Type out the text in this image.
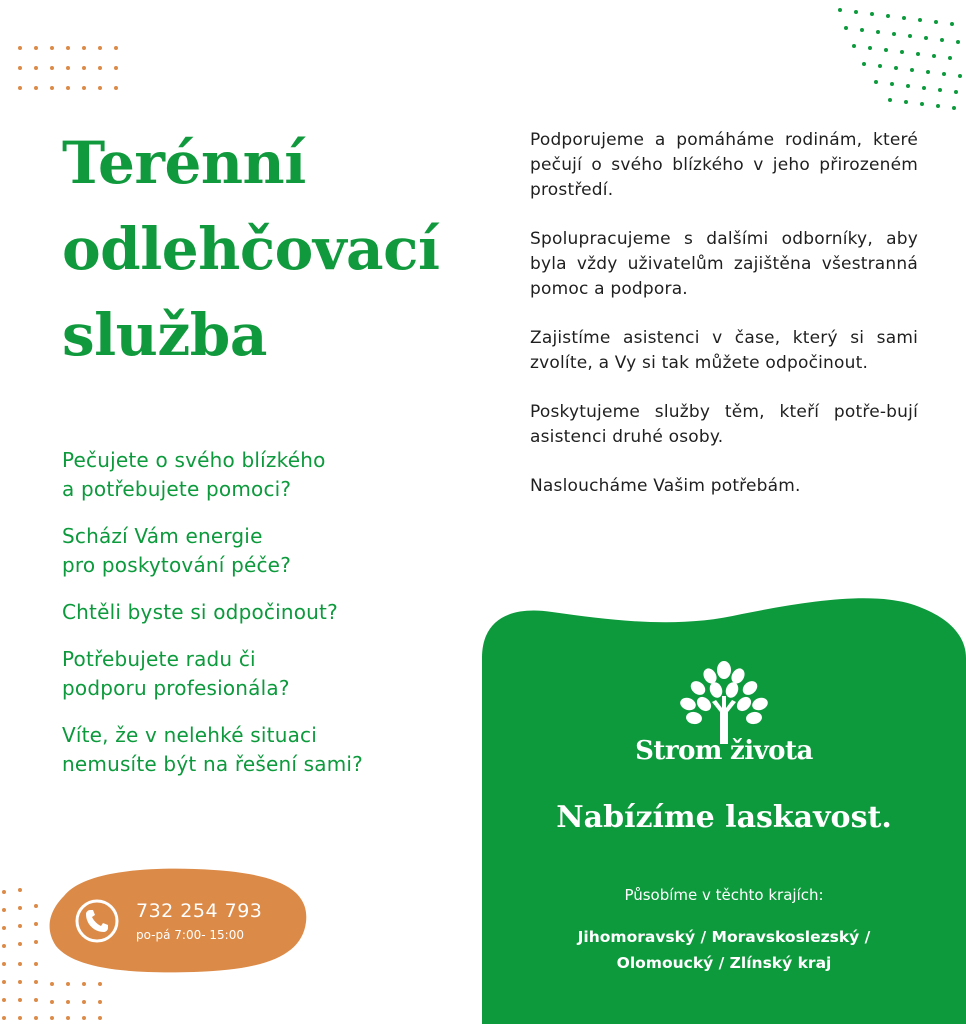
Terénní
odlehčovací
služba
Pečujete o svého blízkého
a potřebujete pomoci?
Schází Vám energie
pro poskytování péče?
Chtěli byste si odpočinout?
Potřebujete radu či
podporu profesionála?
Víte, že v nelehké situaci
nemusíte být na řešení sami?

Podporujeme a pomáháme rodinám, které pečují o svého blízkého v jeho přirozeném prostředí.

Spolupracujeme s dalšími odborníky, aby byla vždy uživatelům zajištěna všestranná pomoc a podpora.

Zajistíme asistenci v čase, který si sami zvolíte, a Vy si tak můžete odpočinout.

Poskytujeme služby těm, kteří potře-bují asistenci druhé osoby.

Nasloucháme Vašim potřebám.

Strom života

Nabízíme laskavost.

Působíme v těchto krajích:

Jihomoravský / Moravskoslezský /
Olomoucký / Zlínský kraj

732 254 793
po-pá 7:00- 15:00
